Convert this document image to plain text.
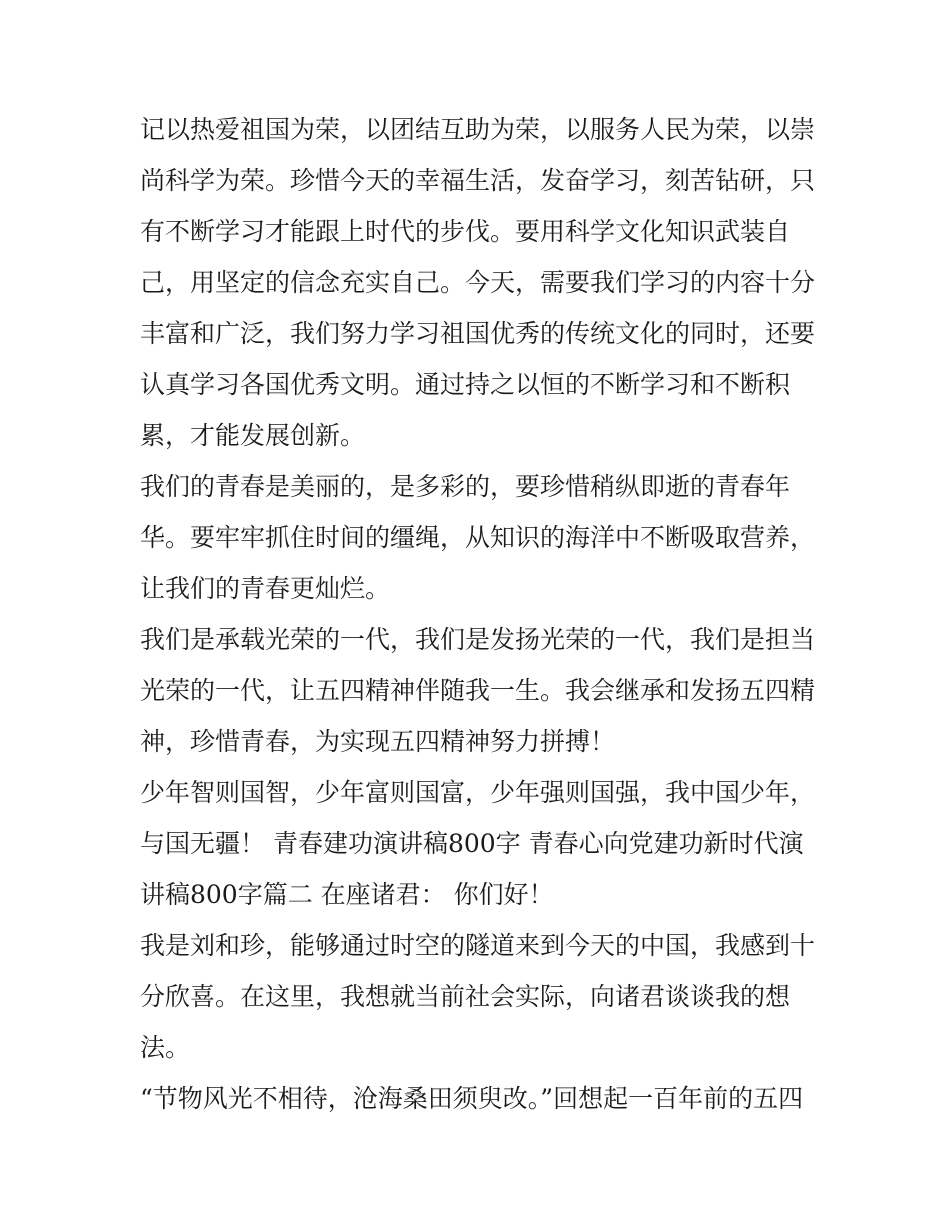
记以热爱祖国为荣，以团结互助为荣，以服务人民为荣，以崇
尚科学为荣。珍惜今天的幸福生活，发奋学习，刻苦钻研，只
有不断学习才能跟上时代的步伐。要用科学文化知识武装自
己，用坚定的信念充实自己。今天，需要我们学习的内容十分
丰富和广泛，我们努力学习祖国优秀的传统文化的同时，还要
认真学习各国优秀文明。通过持之以恒的不断学习和不断积
累，才能发展创新。
我们的青春是美丽的，是多彩的，要珍惜稍纵即逝的青春年
华。要牢牢抓住时间的缰绳，从知识的海洋中不断吸取营养，
让我们的青春更灿烂。
我们是承载光荣的一代，我们是发扬光荣的一代，我们是担当
光荣的一代，让五四精神伴随我一生。我会继承和发扬五四精
神，珍惜青春，为实现五四精神努力拼搏！
少年智则国智，少年富则国富，少年强则国强，我中国少年，
与国无疆！ 青春建功演讲稿800字 青春心向党建功新时代演
讲稿800字篇二 在座诸君： 你们好！
我是刘和珍，能够通过时空的隧道来到今天的中国，我感到十
分欣喜。在这里，我想就当前社会实际，向诸君谈谈我的想
法。
“节物风光不相待，沧海桑田须臾改。”回想起一百年前的五四
